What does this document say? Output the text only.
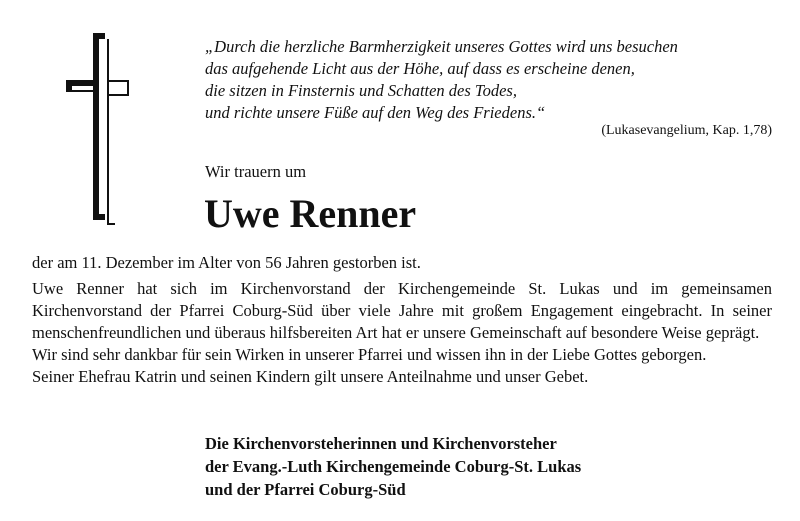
„Durch die herzliche Barmherzigkeit unseres Gottes wird uns besuchen
das aufgehende Licht aus der Höhe, auf dass es erscheine denen,
die sitzen in Finsternis und Schatten des Todes,
und richte unsere Füße auf den Weg des Friedens.“
(Lukasevangelium, Kap. 1,78)
Wir trauern um
Uwe Renner
der am 11. Dezember im Alter von 56 Jahren gestorben ist.
Uwe Renner hat sich im Kirchenvorstand der Kirchengemeinde St. Lukas und im gemeinsamen Kirchenvorstand der Pfarrei Coburg-Süd über viele Jahre mit großem Engagement eingebracht. In seiner menschenfreundlichen und überaus hilfsbereiten Art hat er unsere Gemeinschaft auf besondere Weise geprägt.
Wir sind sehr dankbar für sein Wirken in unserer Pfarrei und wissen ihn in der Liebe Gottes geborgen.
Seiner Ehefrau Katrin und seinen Kindern gilt unsere Anteilnahme und unser Gebet.
Die Kirchenvorsteherinnen und Kirchenvorsteher
der Evang.-Luth Kirchengemeinde Coburg-St. Lukas
und der Pfarrei Coburg-Süd
